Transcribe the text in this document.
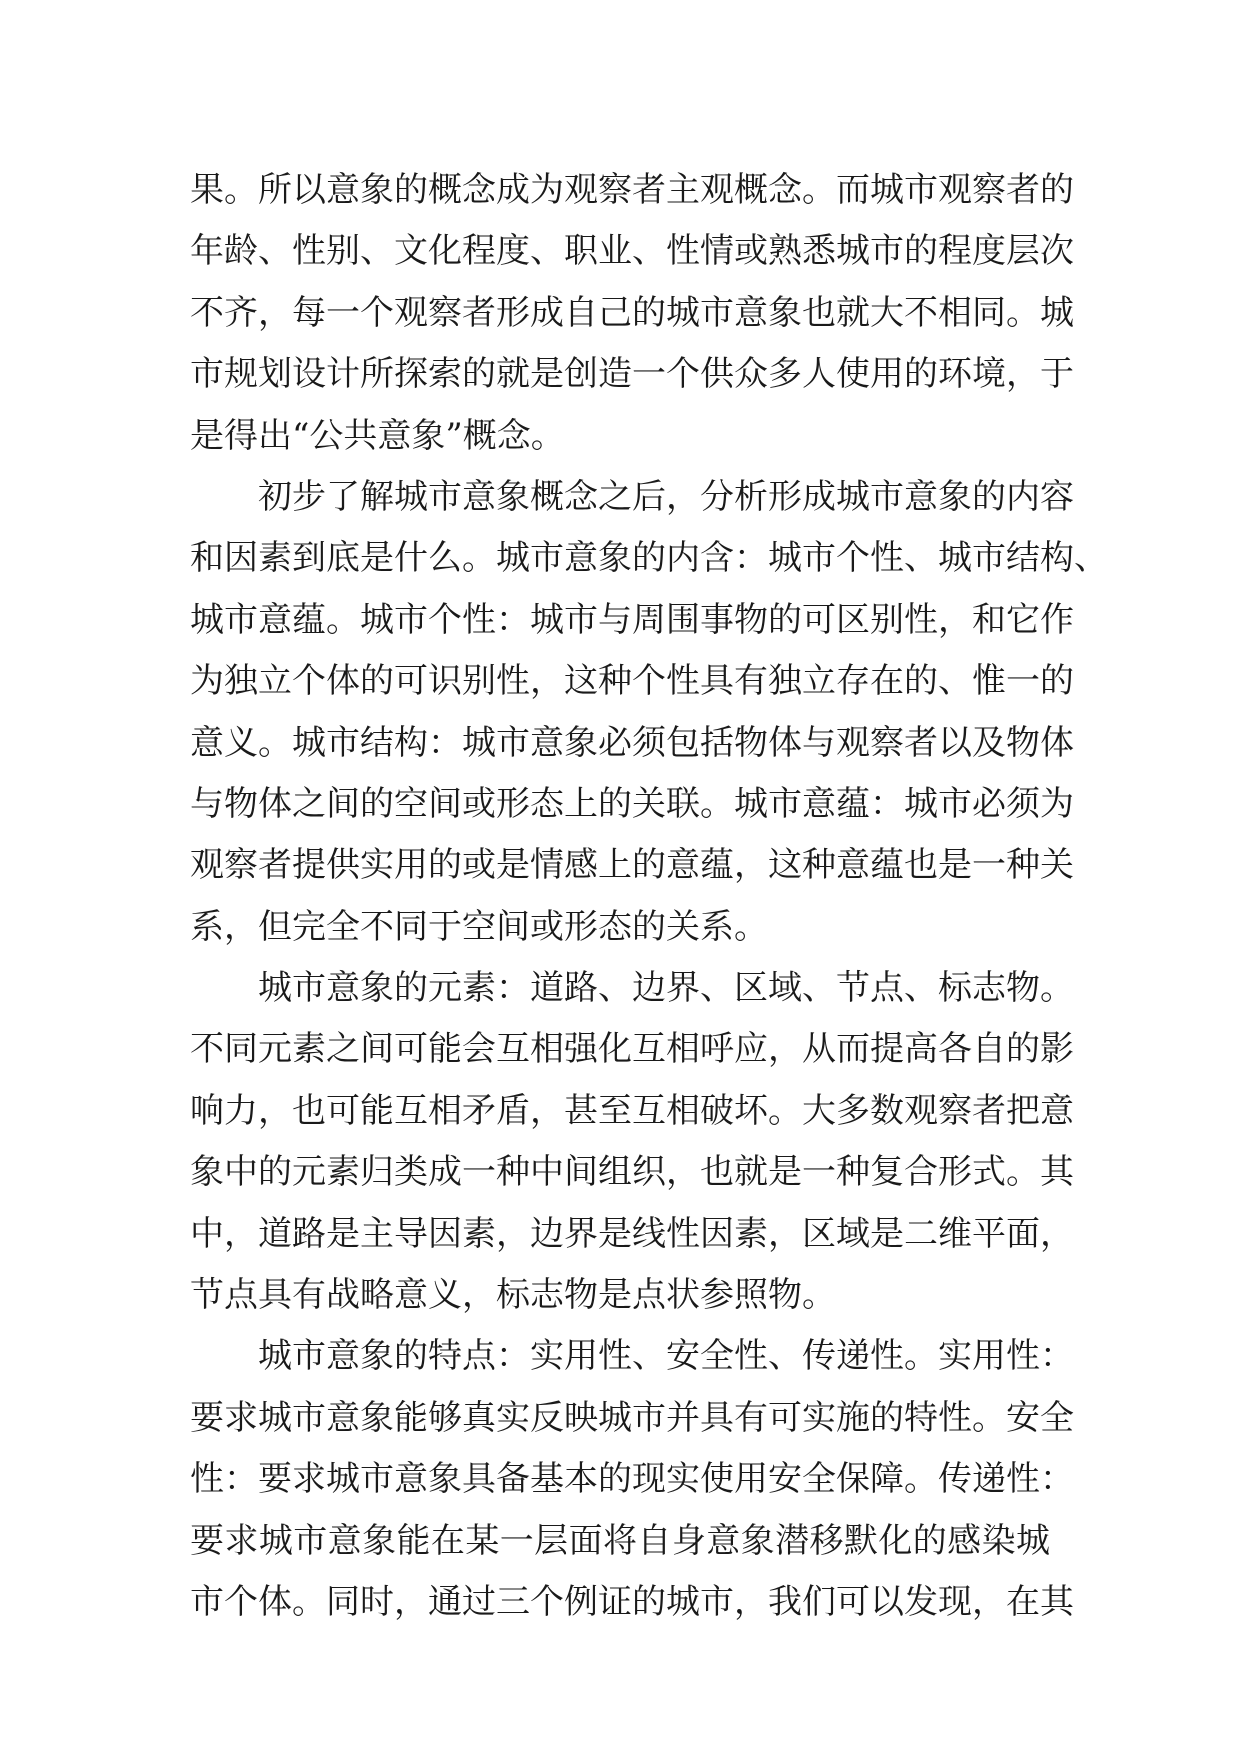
果。所以意象的概念成为观察者主观概念。而城市观察者的
年龄、性别、文化程度、职业、性情或熟悉城市的程度层次
不齐，每一个观察者形成自己的城市意象也就大不相同。城
市规划设计所探索的就是创造一个供众多人使用的环境，于
是得出“公共意象”概念。
初步了解城市意象概念之后，分析形成城市意象的内容
和因素到底是什么。城市意象的内含：城市个性、城市结构、
城市意蕴。城市个性：城市与周围事物的可区别性，和它作
为独立个体的可识别性，这种个性具有独立存在的、惟一的
意义。城市结构：城市意象必须包括物体与观察者以及物体
与物体之间的空间或形态上的关联。城市意蕴：城市必须为
观察者提供实用的或是情感上的意蕴，这种意蕴也是一种关
系，但完全不同于空间或形态的关系。
城市意象的元素：道路、边界、区域、节点、标志物。
不同元素之间可能会互相强化互相呼应，从而提高各自的影
响力，也可能互相矛盾，甚至互相破坏。大多数观察者把意
象中的元素归类成一种中间组织，也就是一种复合形式。其
中，道路是主导因素，边界是线性因素，区域是二维平面，
节点具有战略意义，标志物是点状参照物。
城市意象的特点：实用性、安全性、传递性。实用性：
要求城市意象能够真实反映城市并具有可实施的特性。安全
性：要求城市意象具备基本的现实使用安全保障。传递性：
要求城市意象能在某一层面将自身意象潜移默化的感染城
市个体。同时，通过三个例证的城市，我们可以发现，在其
